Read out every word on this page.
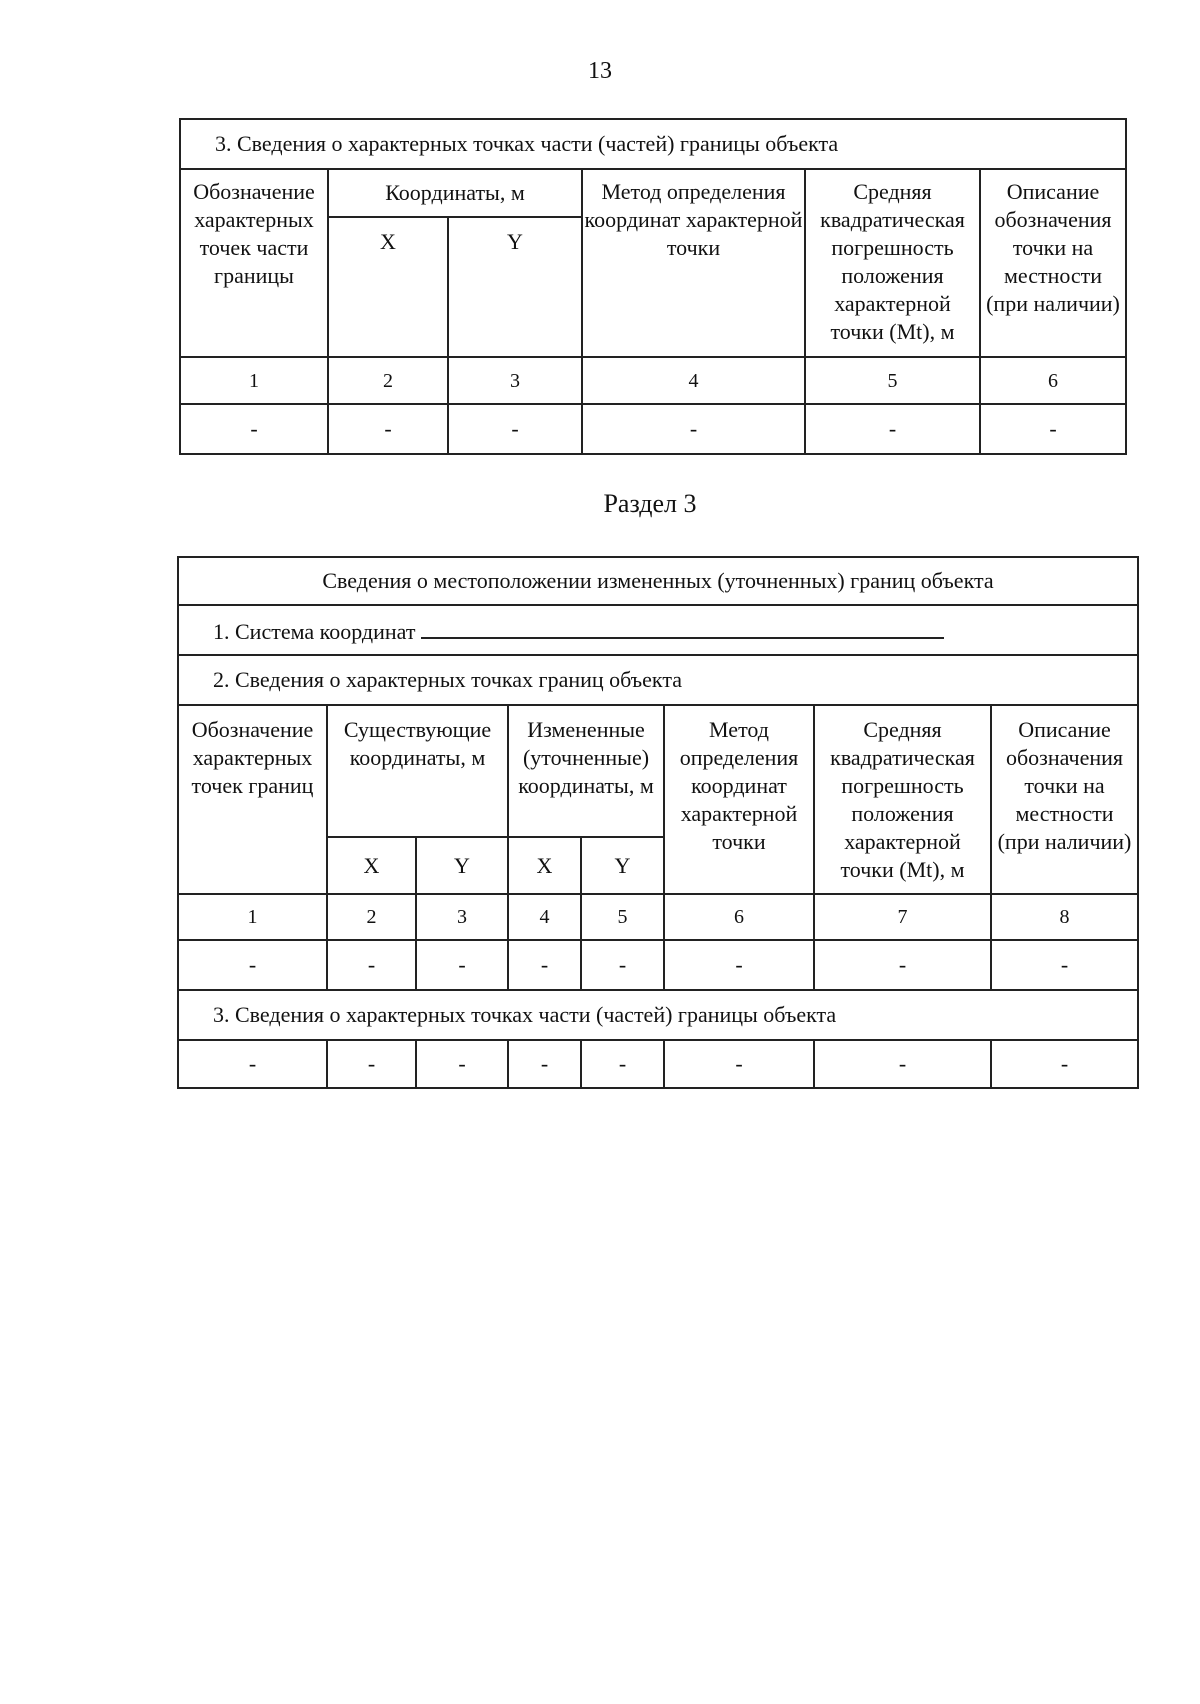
13
3. Сведения о характерных точках части (частей) границы объекта					
Обозначение характерных точек части границы	Координаты, м		Метод определения координат характерной точки	Средняя квадратическая погрешность положения характерной точки (Mt), м	Описание обозначения точки на местности (при наличии)
	X	Y			
1	2	3	4	5	6
-	-	-	-	-	-
Раздел 3
Сведения о местоположении измененных (уточненных) границ объекта							
1. Система координат							
2. Сведения о характерных точках границ объекта							
Обозначение характерных точек границ	Существующие координаты, м		Измененные (уточненные) координаты, м		Метод определения координат характерной точки	Средняя квадратическая погрешность положения характерной точки (Mt), м	Описание обозначения точки на местности (при наличии)
	X	Y	X	Y			
1	2	3	4	5	6	7	8
-	-	-	-	-	-	-	-
3. Сведения о характерных точках части (частей) границы объекта							
-	-	-	-	-	-	-	-
